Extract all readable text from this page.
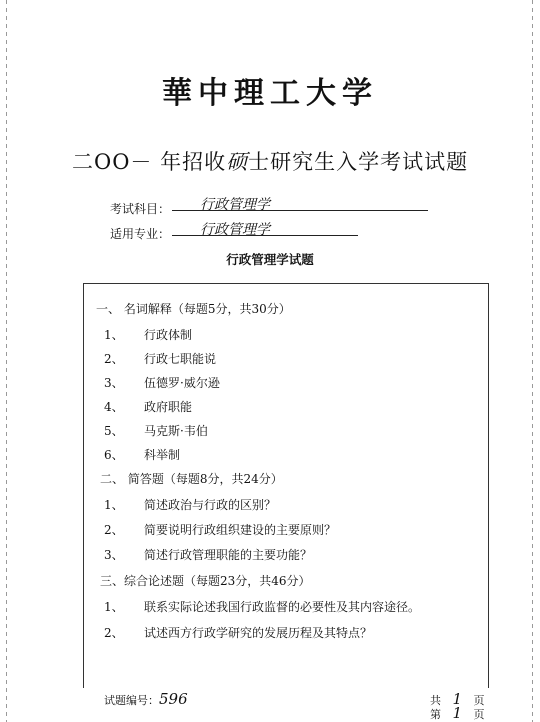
華中理工大学
二OO－ 年招收硕士研究生入学考试试题
考试科目：	行政管理学
适用专业：	行政管理学
行政管理学试题
一、 名词解释（每题5分，共30分）
1、 行政体制
2、 行政七职能说
3、 伍德罗·威尔逊
4、 政府职能
5、 马克斯·韦伯
6、 科举制
二、 简答题（每题8分，共24分）
1、 简述政治与行政的区别？
2、 简要说明行政组织建设的主要原则？
3、 简述行政管理职能的主要功能？
三、综合论述题（每题23分，共46分）
1、 联系实际论述我国行政监督的必要性及其内容途径。
2、 试述西方行政学研究的发展历程及其特点？
试题编号：596	共 1 页
第 1 页
